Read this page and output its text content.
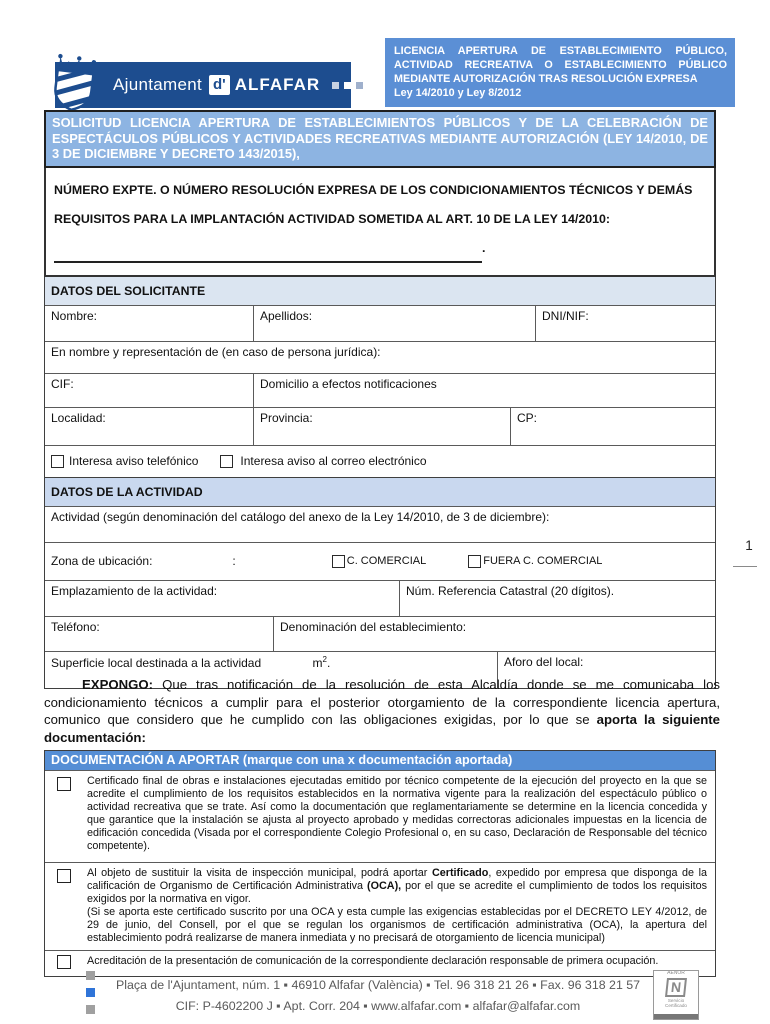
Ajuntament d' ALFAFAR
LICENCIA APERTURA DE ESTABLECIMIENTO PÚBLICO, ACTIVIDAD RECREATIVA O ESTABLECIMIENTO PÚBLICO MEDIANTE AUTORIZACIÓN TRAS RESOLUCIÓN EXPRESA
Ley 14/2010 y Ley 8/2012
SOLICITUD LICENCIA APERTURA DE ESTABLECIMIENTOS PÚBLICOS Y DE LA CELEBRACIÓN DE ESPECTÁCULOS PÚBLICOS Y ACTIVIDADES RECREATIVAS MEDIANTE AUTORIZACIÓN (LEY 14/2010, DE 3 DE DICIEMBRE Y DECRETO 143/2015),
NÚMERO EXPTE. O NÚMERO RESOLUCIÓN EXPRESA DE LOS CONDICIONAMIENTOS TÉCNICOS Y DEMÁS REQUISITOS PARA LA IMPLANTACIÓN ACTIVIDAD SOMETIDA AL ART. 10 DE LA LEY 14/2010:
.
DATOS DEL SOLICITANTE
Nombre:	Apellidos:	DNI/NIF:
En nombre y representación de (en caso de persona jurídica):
CIF:	Domicilio a efectos notificaciones
Localidad:	Provincia:	CP:
Interesa aviso telefónico	Interesa aviso al correo electrónico
DATOS DE LA ACTIVIDAD
Actividad (según denominación del catálogo del anexo de la Ley 14/2010, de 3 de diciembre):
Zona de ubicación:	:	C. COMERCIAL	FUERA C. COMERCIAL
Emplazamiento de la actividad:	Núm. Referencia Catastral (20 dígitos).
Teléfono:	Denominación del establecimiento:
Superficie local destinada a la actividad	$m^2$.	Aforo del local:
1
EXPONGO: Que tras notificación de la resolución de esta Alcaldía donde se me comunicaba los condicionamiento técnicos a cumplir para el posterior otorgamiento de la correspondiente licencia apertura, comunico que considero que he cumplido con las obligaciones exigidas, por lo que se aporta la siguiente documentación:
DOCUMENTACIÓN A APORTAR (marque con una x documentación aportada)
Certificado final de obras e instalaciones ejecutadas emitido por técnico competente de la ejecución del proyecto en la que se acredite el cumplimiento de los requisitos establecidos en la normativa vigente para la realización del espectáculo público o actividad recreativa que se trate. Así como la documentación que reglamentariamente se determine en la licencia concedida y que garantice que la instalación se ajusta al proyecto aprobado y medidas correctoras adicionales impuestas en la licencia de edificación concedida (Visada por el correspondiente Colegio Profesional o, en su caso, Declaración de Responsable del técnico competente).
Al objeto de sustituir la visita de inspección municipal, podrá aportar Certificado, expedido por empresa que disponga de la calificación de Organismo de Certificación Administrativa (OCA), por el que se acredite el cumplimiento de todos los requisitos exigidos por la normativa en vigor.
(Si se aporta este certificado suscrito por una OCA y esta cumple las exigencias establecidas por el DECRETO LEY 4/2012, de 29 de junio, del Consell, por el que se regulan los organismos de certificación administrativa (OCA), la apertura del establecimiento podrá realizarse de manera inmediata y no precisará de otorgamiento de licencia municipal)
Acreditación de la presentación de comunicación de la correspondiente declaración responsable de primera ocupación.
Plaça de l'Ajuntament, núm. 1 ▪ 46910 Alfafar (València) ▪ Tel. 96 318 21 26 ▪ Fax. 96 318 21 57
CIF: P-4602200 J ▪ Apt. Corr. 204 ▪ www.alfafar.com ▪ alfafar@alfafar.com
AENOR
N
Servicio
Certificado
